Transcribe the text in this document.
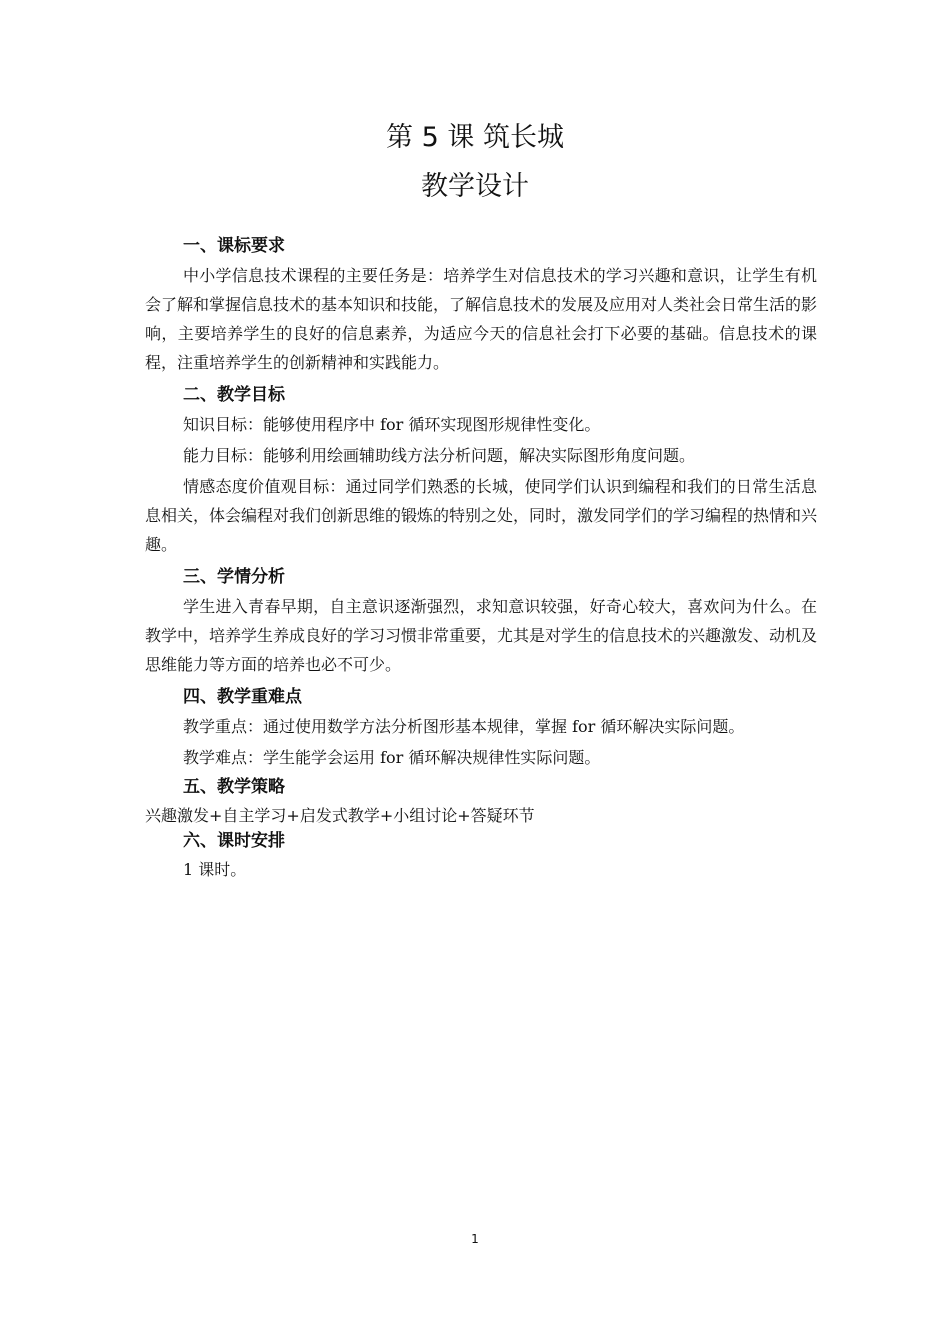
第 5 课 筑长城
教学设计
一、课标要求

中小学信息技术课程的主要任务是：培养学生对信息技术的学习兴趣和意识，让学生有机会了解和掌握信息技术的基本知识和技能，了解信息技术的发展及应用对人类社会日常生活的影响，主要培养学生的良好的信息素养，为适应今天的信息社会打下必要的基础。信息技术的课程，注重培养学生的创新精神和实践能力。

二、教学目标

知识目标：能够使用程序中 for 循环实现图形规律性变化。

能力目标：能够利用绘画辅助线方法分析问题，解决实际图形角度问题。

情感态度价值观目标：通过同学们熟悉的长城，使同学们认识到编程和我们的日常生活息息相关，体会编程对我们创新思维的锻炼的特别之处，同时，激发同学们的学习编程的热情和兴趣。

三、学情分析

学生进入青春早期，自主意识逐渐强烈，求知意识较强，好奇心较大，喜欢问为什么。在教学中，培养学生养成良好的学习习惯非常重要，尤其是对学生的信息技术的兴趣激发、动机及思维能力等方面的培养也必不可少。

四、教学重难点

教学重点：通过使用数学方法分析图形基本规律，掌握 for 循环解决实际问题。

教学难点：学生能学会运用 for 循环解决规律性实际问题。

五、教学策略

兴趣激发+自主学习+启发式教学+小组讨论+答疑环节

六、课时安排

1 课时。

1
